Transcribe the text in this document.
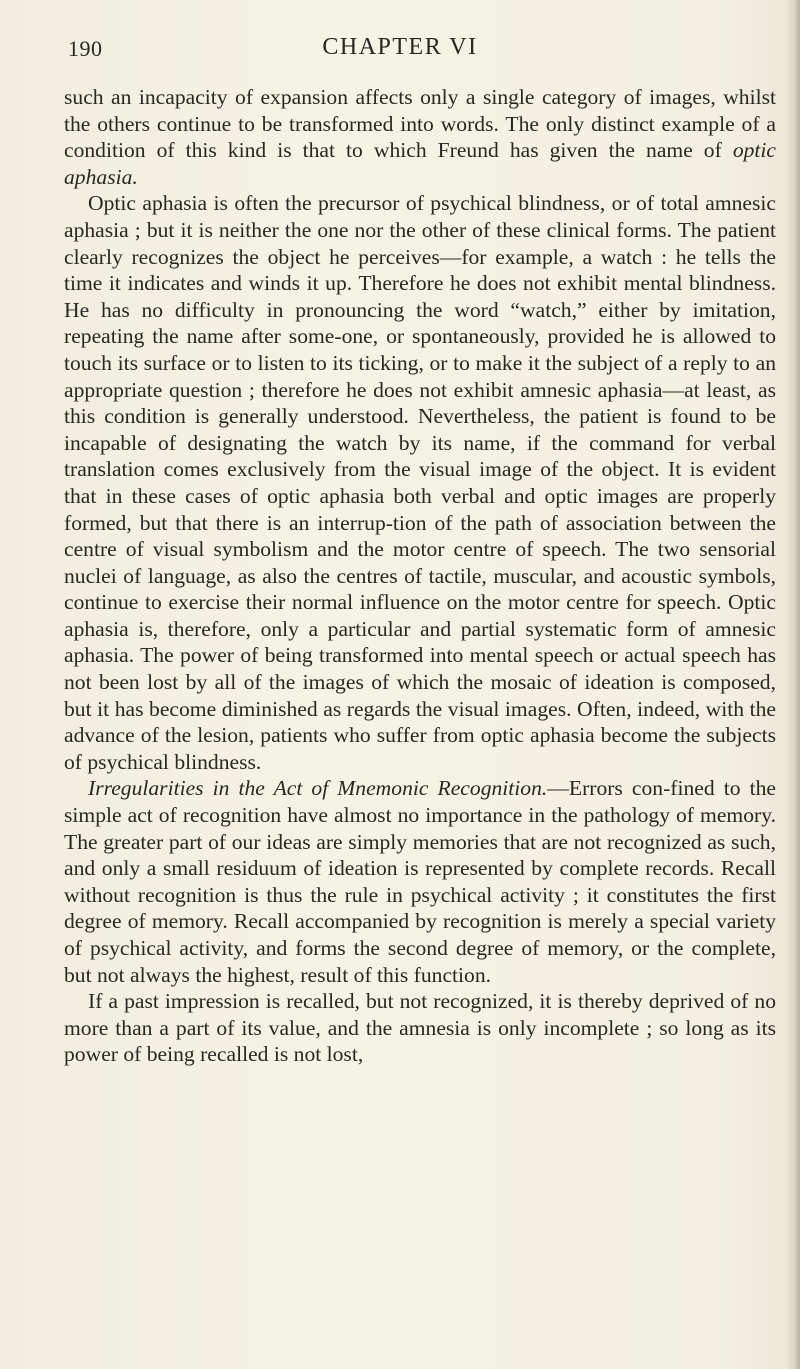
190	CHAPTER VI

such an incapacity of expansion affects only a single category of images, whilst the others continue to be transformed into words. The only distinct example of a condition of this kind is that to which Freund has given the name of optic aphasia.

Optic aphasia is often the precursor of psychical blindness, or of total amnesic aphasia ; but it is neither the one nor the other of these clinical forms. The patient clearly recognizes the object he perceives—for example, a watch : he tells the time it indicates and winds it up. Therefore he does not exhibit mental blindness. He has no difficulty in pronouncing the word “watch,” either by imitation, repeating the name after some-one, or spontaneously, provided he is allowed to touch its surface or to listen to its ticking, or to make it the subject of a reply to an appropriate question ; therefore he does not exhibit amnesic aphasia—at least, as this condition is generally understood. Nevertheless, the patient is found to be incapable of designating the watch by its name, if the command for verbal translation comes exclusively from the visual image of the object. It is evident that in these cases of optic aphasia both verbal and optic images are properly formed, but that there is an interrup-tion of the path of association between the centre of visual symbolism and the motor centre of speech. The two sensorial nuclei of language, as also the centres of tactile, muscular, and acoustic symbols, continue to exercise their normal influence on the motor centre for speech. Optic aphasia is, therefore, only a particular and partial systematic form of amnesic aphasia. The power of being transformed into mental speech or actual speech has not been lost by all of the images of which the mosaic of ideation is composed, but it has become diminished as regards the visual images. Often, indeed, with the advance of the lesion, patients who suffer from optic aphasia become the subjects of psychical blindness.

Irregularities in the Act of Mnemonic Recognition.—Errors con-fined to the simple act of recognition have almost no importance in the pathology of memory. The greater part of our ideas are simply memories that are not recognized as such, and only a small residuum of ideation is represented by complete records. Recall without recognition is thus the rule in psychical activity ; it constitutes the first degree of memory. Recall accompanied by recognition is merely a special variety of psychical activity, and forms the second degree of memory, or the complete, but not always the highest, result of this function.

If a past impression is recalled, but not recognized, it is thereby deprived of no more than a part of its value, and the amnesia is only incomplete ; so long as its power of being recalled is not lost,
